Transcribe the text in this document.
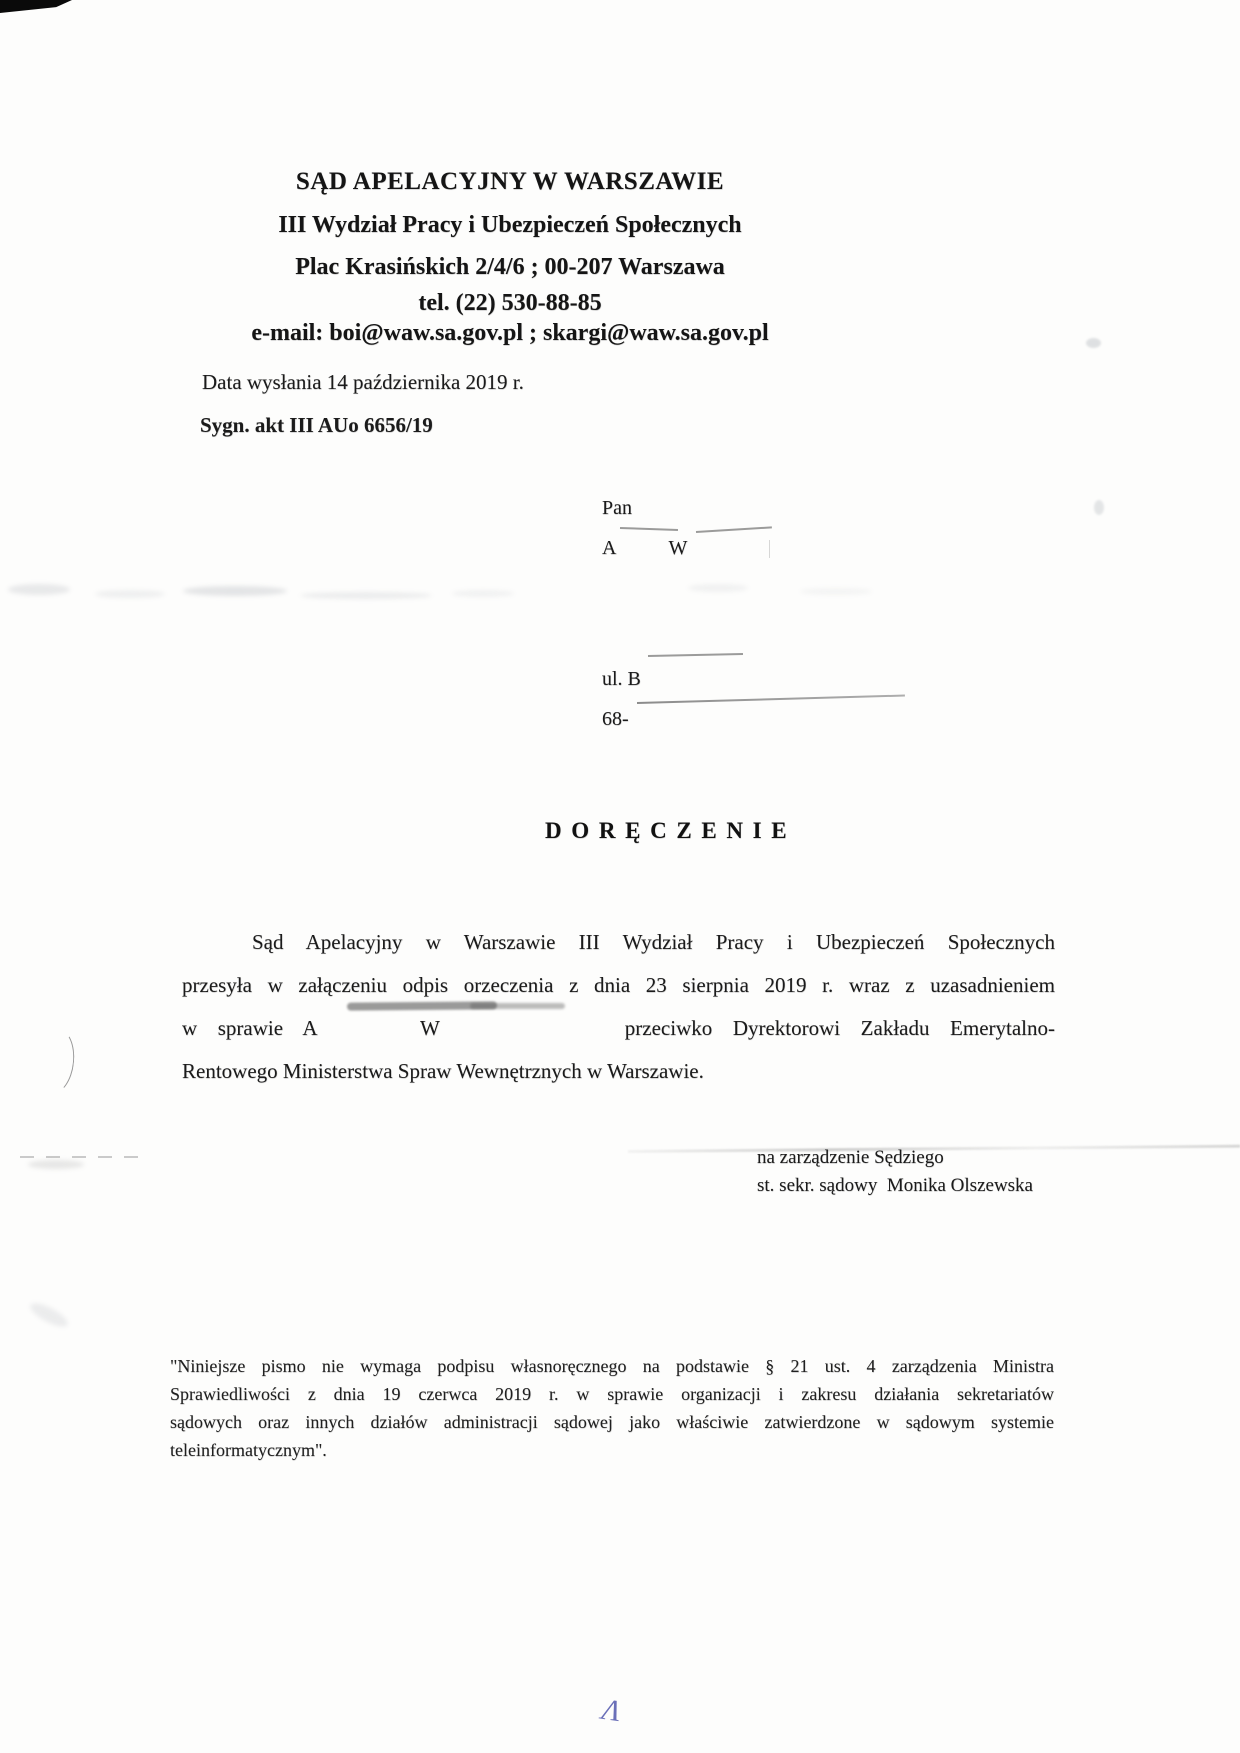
SĄD APELACYJNY W WARSZAWIE
III Wydział Pracy i Ubezpieczeń Społecznych
Plac Krasińskich 2/4/6 ; 00-207 Warszawa
tel. (22) 530-88-85
e-mail: boi@waw.sa.gov.pl ; skargi@waw.sa.gov.pl
Data wysłania 14 października 2019 r.
Sygn. akt III AUo 6656/19
Pan
A	W
ul. B
68-
DORĘCZENIE
Sąd Apelacyjny w Warszawie III Wydział Pracy i Ubezpieczeń Społecznych
przesyła w załączeniu odpis orzeczenia z dnia 23 sierpnia 2019 r. wraz z uzasadnieniem
w sprawie A     W         przeciwko Dyrektorowi Zakładu Emerytalno-
Rentowego Ministerstwa Spraw Wewnętrznych w Warszawie.
na zarządzenie Sędziego
st. sekr. sądowy  Monika Olszewska
"Niniejsze pismo nie wymaga podpisu własnoręcznego na podstawie § 21 ust. 4 zarządzenia Ministra
Sprawiedliwości z dnia 19 czerwca 2019 r. w sprawie organizacji i zakresu działania sekretariatów
sądowych oraz innych działów administracji sądowej jako właściwie zatwierdzone w sądowym systemie
teleinformatycznym".
Λ
